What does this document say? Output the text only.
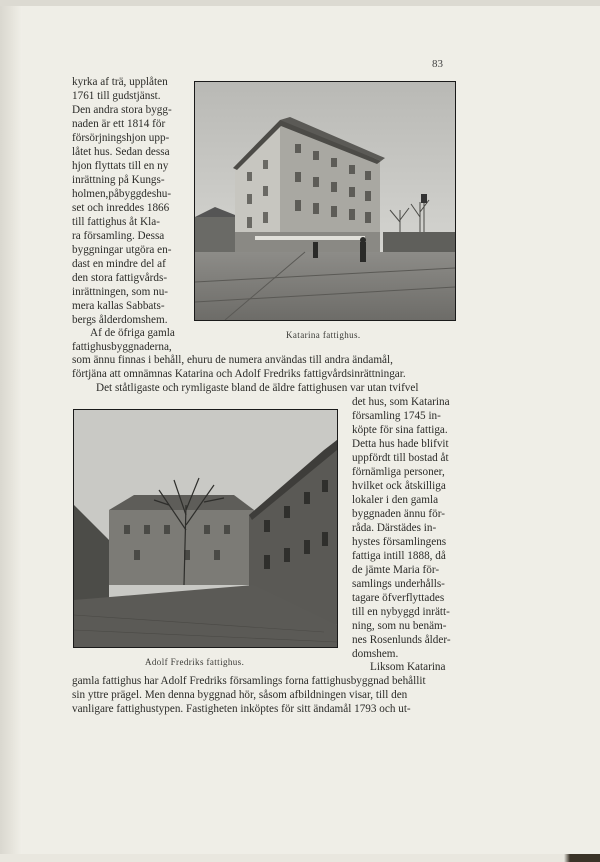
83
Katarina fattighus.
Adolf Fredriks fattighus.
kyrka af trä, upplåten
1761 till gudstjänst.
Den andra stora bygg-
naden är ett 1814 för
försörjningshjon upp-
låtet hus. Sedan dessa
hjon flyttats till en ny
inrättning på Kungs-
holmen,påbyggdeshu-
set och inreddes 1866
till fattighus åt Kla-
ra församling. Dessa
byggningar utgöra en-
dast en mindre del af
den stora fattigvårds-
inrättningen, som nu-
mera kallas Sabbats-
bergs ålderdomshem.
Af de öfriga gamla
fattighusbyggnaderna,
som ännu finnas i behåll, ehuru de numera användas till andra ändamål,
förtjäna att omnämnas Katarina och Adolf Fredriks fattigvårdsinrättningar.
Det ståtligaste och rymligaste bland de äldre fattighusen var utan tvifvel
det hus, som Katarina
församling 1745 in-
köpte för sina fattiga.
Detta hus hade blifvit
uppfördt till bostad åt
förnämliga personer,
hvilket ock åtskilliga
lokaler i den gamla
byggnaden ännu för-
råda. Därstädes in-
hystes församlingens
fattiga intill 1888, då
de jämte Maria för-
samlings underhålls-
tagare öfverflyttades
till en nybyggd inrätt-
ning, som nu benäm-
nes Rosenlunds ålder-
domshem.
Liksom Katarina
gamla fattighus har Adolf Fredriks församlings forna fattighusbyggnad behållit
sin yttre prägel. Men denna byggnad hör, såsom afbildningen visar, till den
vanligare fattighustypen. Fastigheten inköptes för sitt ändamål 1793 och ut-
